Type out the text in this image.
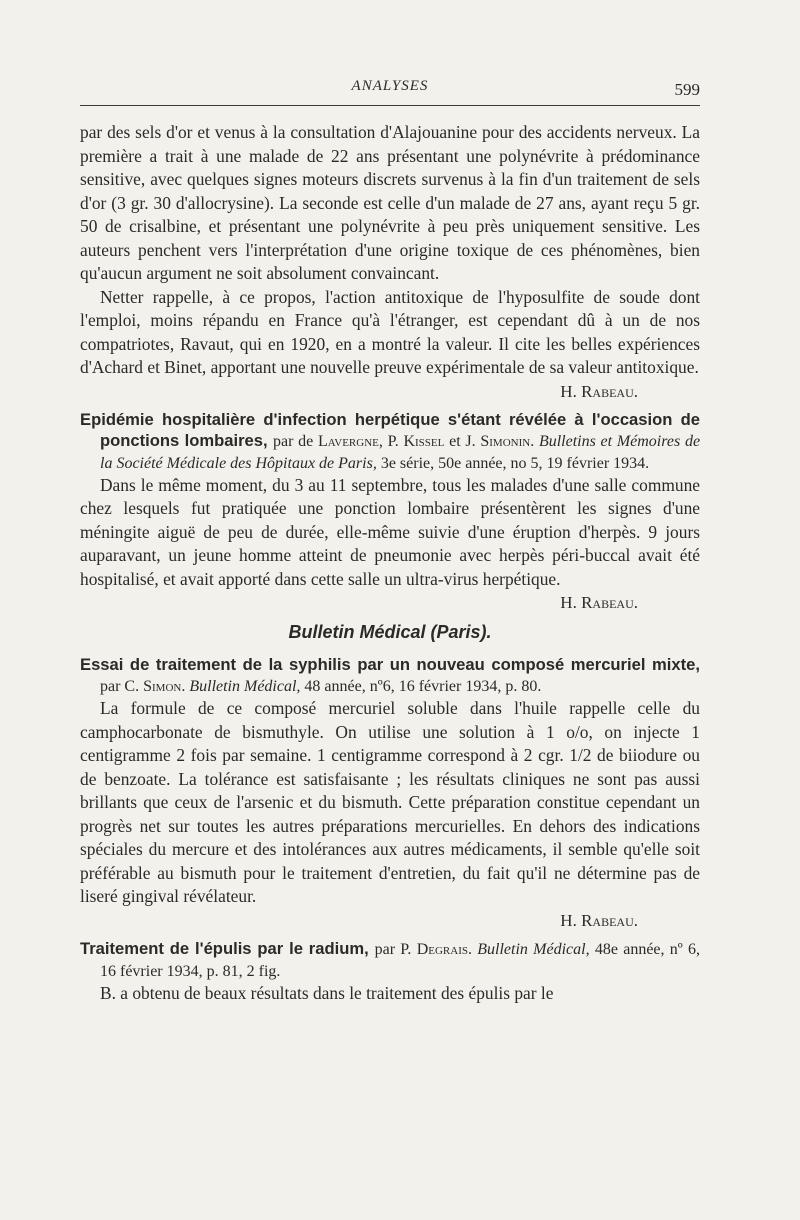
ANALYSES	599

par des sels d'or et venus à la consultation d'Alajouanine pour des accidents nerveux. La première a trait à une malade de 22 ans présentant une polynévrite à prédominance sensitive, avec quelques signes moteurs discrets survenus à la fin d'un traitement de sels d'or (3 gr. 30 d'allocrysine). La seconde est celle d'un malade de 27 ans, ayant reçu 5 gr. 50 de crisalbine, et présentant une polynévrite à peu près uniquement sensitive. Les auteurs penchent vers l'interprétation d'une origine toxique de ces phénomènes, bien qu'aucun argument ne soit absolument convaincant.

Netter rappelle, à ce propos, l'action antitoxique de l'hyposulfite de soude dont l'emploi, moins répandu en France qu'à l'étranger, est cependant dû à un de nos compatriotes, Ravaut, qui en 1920, en a montré la valeur. Il cite les belles expériences d'Achard et Binet, apportant une nouvelle preuve expérimentale de sa valeur antitoxique.

H. Rabeau.
Epidémie hospitalière d'infection herpétique s'étant révélée à l'occasion de ponctions lombaires, par de Lavergne, P. Kissel et J. Simonin. Bulletins et Mémoires de la Société Médicale des Hôpitaux de Paris, 3e série, 50e année, no 5, 19 février 1934.

Dans le même moment, du 3 au 11 septembre, tous les malades d'une salle commune chez lesquels fut pratiquée une ponction lombaire présentèrent les signes d'une méningite aiguë de peu de durée, elle-même suivie d'une éruption d'herpès. 9 jours auparavant, un jeune homme atteint de pneumonie avec herpès péri-buccal avait été hospitalisé, et avait apporté dans cette salle un ultra-virus herpétique.

H. Rabeau.
Bulletin Médical (Paris).
Essai de traitement de la syphilis par un nouveau composé mercuriel mixte, par C. Simon. Bulletin Médical, 48 année, nº6, 16 février 1934, p. 80.

La formule de ce composé mercuriel soluble dans l'huile rappelle celle du camphocarbonate de bismuthyle. On utilise une solution à 1 o/o, on injecte 1 centigramme 2 fois par semaine. 1 centigramme correspond à 2 cgr. 1/2 de biiodure ou de benzoate. La tolérance est satisfaisante ; les résultats cliniques ne sont pas aussi brillants que ceux de l'arsenic et du bismuth. Cette préparation constitue cependant un progrès net sur toutes les autres préparations mercurielles. En dehors des indications spéciales du mercure et des intolérances aux autres médicaments, il semble qu'elle soit préférable au bismuth pour le traitement d'entretien, du fait qu'il ne détermine pas de liseré gingival révélateur.

H. Rabeau.
Traitement de l'épulis par le radium, par P. Degrais. Bulletin Médical, 48e année, nº 6, 16 février 1934, p. 81, 2 fig.

B. a obtenu de beaux résultats dans le traitement des épulis par le
